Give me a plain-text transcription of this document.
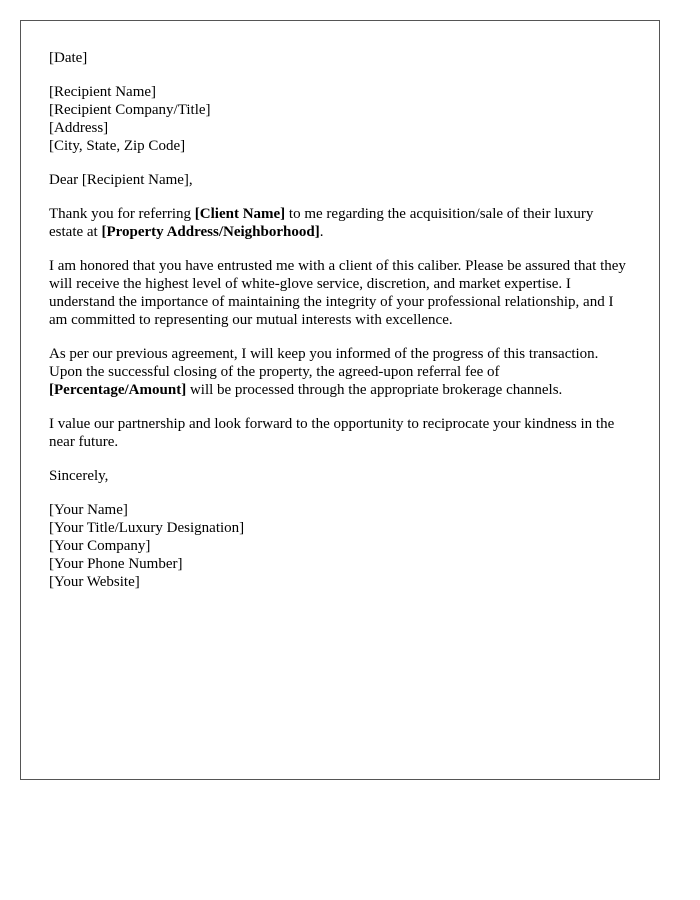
[Date]
[Recipient Name]
[Recipient Company/Title]
[Address]
[City, State, Zip Code]
Dear [Recipient Name],

Thank you for referring [Client Name] to me regarding the acquisition/sale of their luxury estate at [Property Address/Neighborhood].

I am honored that you have entrusted me with a client of this caliber. Please be assured that they will receive the highest level of white-glove service, discretion, and market expertise. I understand the importance of maintaining the integrity of your professional relationship, and I am committed to representing our mutual interests with excellence.

As per our previous agreement, I will keep you informed of the progress of this transaction. Upon the successful closing of the property, the agreed-upon referral fee of [Percentage/Amount] will be processed through the appropriate brokerage channels.

I value our partnership and look forward to the opportunity to reciprocate your kindness in the near future.

Sincerely,
[Your Name]
[Your Title/Luxury Designation]
[Your Company]
[Your Phone Number]
[Your Website]
